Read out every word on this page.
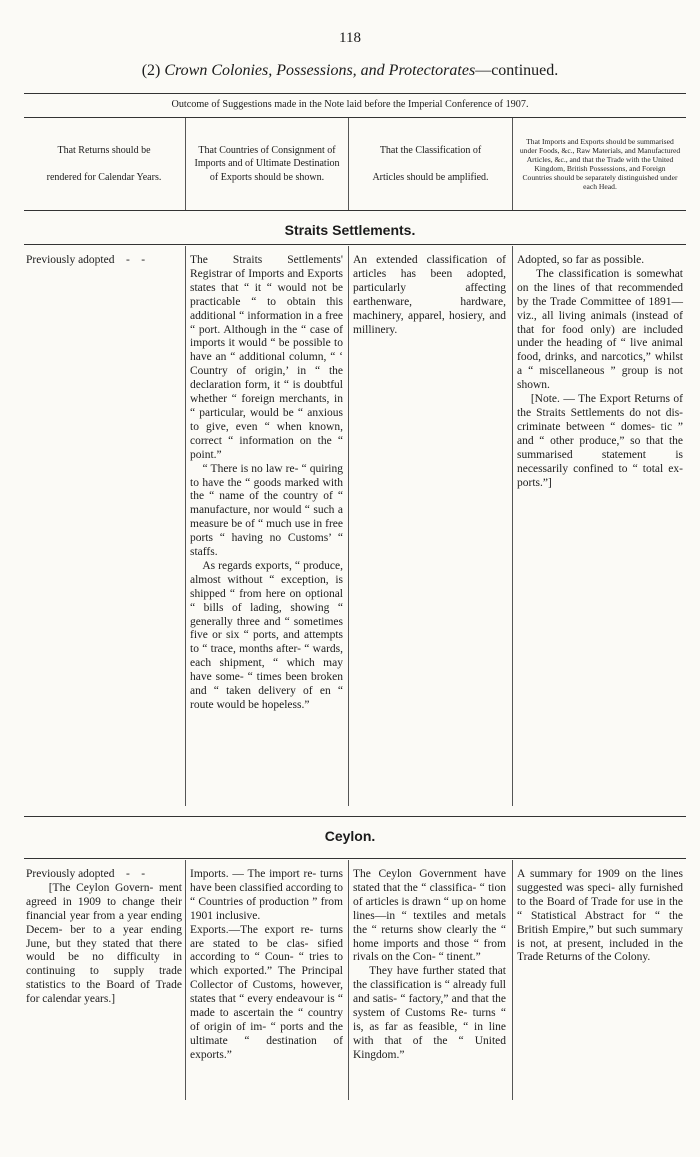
118
(2) Crown Colonies, Possessions, and Protectorates—continued.
Outcome of Suggestions made in the Note laid before the Imperial Conference of 1907.
That Returns should be

rendered for Calendar Years.
That Countries of Consignment of Imports and of Ultimate Destination of Exports should be shown.
That the Classification of

Articles should be amplified.
That Imports and Exports should be summarised under Foods, &c., Raw Materials, and Manufactured Articles, &c., and that the Trade with the United Kingdom, British Possessions, and Foreign Countries should be separately distinguished under each Head.
Straits Settlements.
Previously adopted    -    -	The Straits Settlements' Registrar of Imports and Exports states that “ it “ would not be practicable “ to obtain this additional “ information in a free “ port. Although in the “ case of imports it would “ be possible to have an “ additional column, “ ‘ Country of origin,’ in “ the declaration form, it “ is doubtful whether “ foreign merchants, in “ particular, would be “ anxious to give, even “ when known, correct “ information on the “ point.”
“ There is no law re- “ quiring to have the “ goods marked with the “ name of the country of “ manufacture, nor would “ such a measure be of “ much use in free ports “ having no Customs’ “ staffs.
As regards exports, “ produce, almost without “ exception, is shipped “ from here on optional “ bills of lading, showing “ generally three and “ sometimes five or six “ ports, and attempts to “ trace, months after- “ wards, each shipment, “ which may have some- “ times been broken and “ taken delivery of en “ route would be hopeless.”
An extended classification of articles has been adopted, particularly affecting earthenware, hardware, machinery, apparel, hosiery, and millinery.
Adopted, so far as possible.
The classification is somewhat on the lines of that recommended by the Trade Committee of 1891— viz., all living animals (instead of that for food only) are included under the heading of “ live animal food, drinks, and narcotics,” whilst a “ miscellaneous ” group is not shown.
[Note. — The Export Returns of the Straits Settlements do not dis- criminate between “ domes- tic ” and “ other produce,” so that the summarised statement is necessarily confined to “ total ex- ports.”]
Ceylon.
Previously adopted    -    -
[The Ceylon Govern- ment agreed in 1909 to change their financial year from a year ending Decem- ber to a year ending June, but they stated that there would be no difficulty in continuing to supply trade statistics to the Board of Trade for calendar years.]
Imports. — The import re- turns have been classified according to “ Countries of production ” from 1901 inclusive.
Exports.—The export re- turns are stated to be clas- sified according to “ Coun- “ tries to which exported.” The Principal Collector of Customs, however, states that “ every endeavour is “ made to ascertain the “ country of origin of im- “ ports and the ultimate “ destination of exports.”
The Ceylon Government have stated that the “ classifica- “ tion of articles is drawn “ up on home lines—in “ textiles and metals the “ returns show clearly the “ home imports and those “ from rivals on the Con- “ tinent.”
They have further stated that the classification is “ already full and satis- “ factory,” and that the system of Customs Re- turns “ is, as far as feasible, “ in line with that of the “ United Kingdom.”
A summary for 1909 on the lines suggested was speci- ally furnished to the Board of Trade for use in the “ Statistical Abstract for “ the British Empire,” but such summary is not, at present, included in the Trade Returns of the Colony.
